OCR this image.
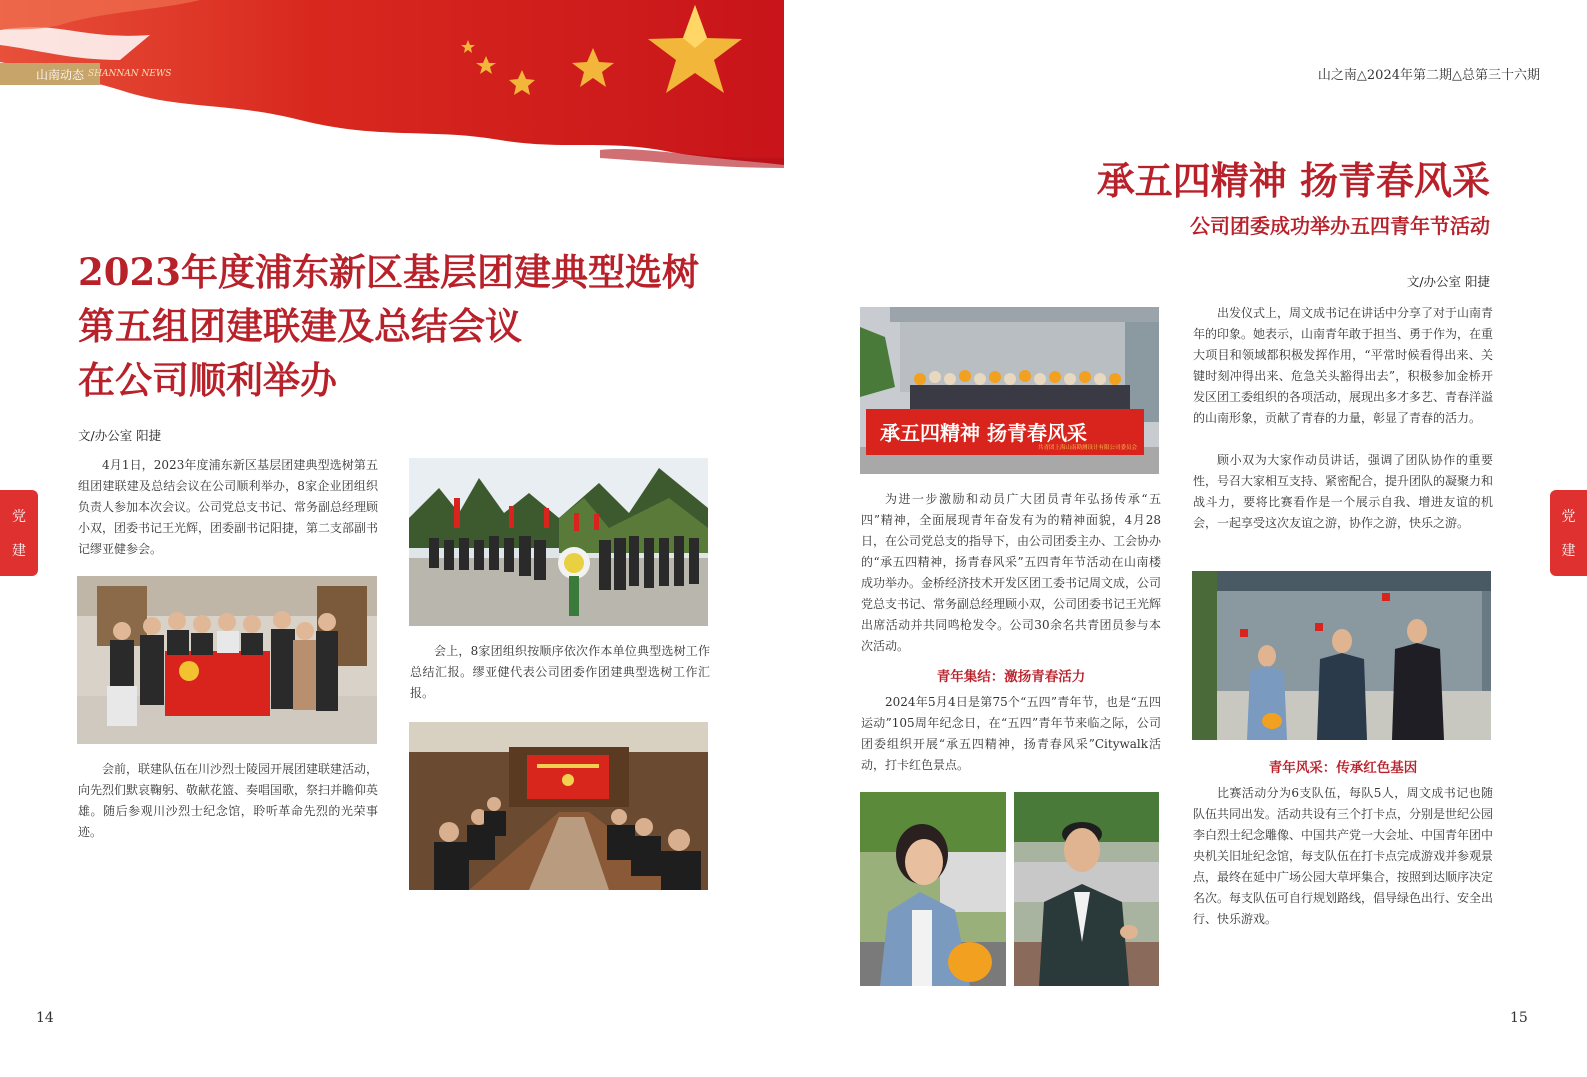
山南动态 SHANNAN NEWS	山之南△2024年第二期△总第三十六期
2023年度浦东新区基层团建典型选树
第五组团建联建及总结会议
在公司顺利举办
文/办公室 阳捷

4月1日，2023年度浦东新区基层团建典型选树第五组团建联建及总结会议在公司顺利举办，8家企业团组织负责人参加本次会议。公司党总支书记、常务副总经理顾小双，团委书记王光辉，团委副书记阳捷，第二支部副书记缪亚健参会。

会前，联建队伍在川沙烈士陵园开展团建联建活动，向先烈们默哀鞠躬、敬献花篮、奏唱国歌，祭扫并瞻仰英雄。随后参观川沙烈士纪念馆，聆听革命先烈的光荣事迹。

会上，8家团组织按顺序依次作本单位典型选树工作总结汇报。缪亚健代表公司团委作团建典型选树工作汇报。

承五四精神 扬青春风采
公司团委成功举办五四青年节活动
文/办公室 阳捷
承五四精神 扬青春风采
共青团上海山南勘测设计有限公司委员会

为进一步激励和动员广大团员青年弘扬传承“五四”精神，全面展现青年奋发有为的精神面貌，4月28日，在公司党总支的指导下，由公司团委主办、工会协办的“承五四精神，扬青春风采”五四青年节活动在山南楼成功举办。金桥经济技术开发区团工委书记周文成，公司党总支书记、常务副总经理顾小双，公司团委书记王光辉出席活动并共同鸣枪发令。公司30余名共青团员参与本次活动。

青年集结：激扬青春活力

2024年5月4日是第75个“五四”青年节，也是“五四运动”105周年纪念日，在“五四”青年节来临之际，公司团委组织开展“承五四精神，扬青春风采”Citywalk活动，打卡红色景点。

出发仪式上，周文成书记在讲话中分享了对于山南青年的印象。她表示，山南青年敢于担当、勇于作为，在重大项目和领域都积极发挥作用，“平常时候看得出来、关键时刻冲得出来、危急关头豁得出去”，积极参加金桥开发区团工委组织的各项活动，展现出多才多艺、青春洋溢的山南形象，贡献了青春的力量，彰显了青春的活力。

顾小双为大家作动员讲话，强调了团队协作的重要性，号召大家相互支持、紧密配合，提升团队的凝聚力和战斗力，要将比赛看作是一个展示自我、增进友谊的机会，一起享受这次友谊之游，协作之游，快乐之游。

青年风采：传承红色基因

比赛活动分为6支队伍，每队5人，周文成书记也随队伍共同出发。活动共设有三个打卡点，分别是世纪公园李白烈士纪念雕像、中国共产党一大会址、中国青年团中央机关旧址纪念馆，每支队伍在打卡点完成游戏并参观景点，最终在延中广场公园大草坪集合，按照到达顺序决定名次。每支队伍可自行规划路线，倡导绿色出行、安全出行、快乐游戏。

党
建
党
建
14	15
